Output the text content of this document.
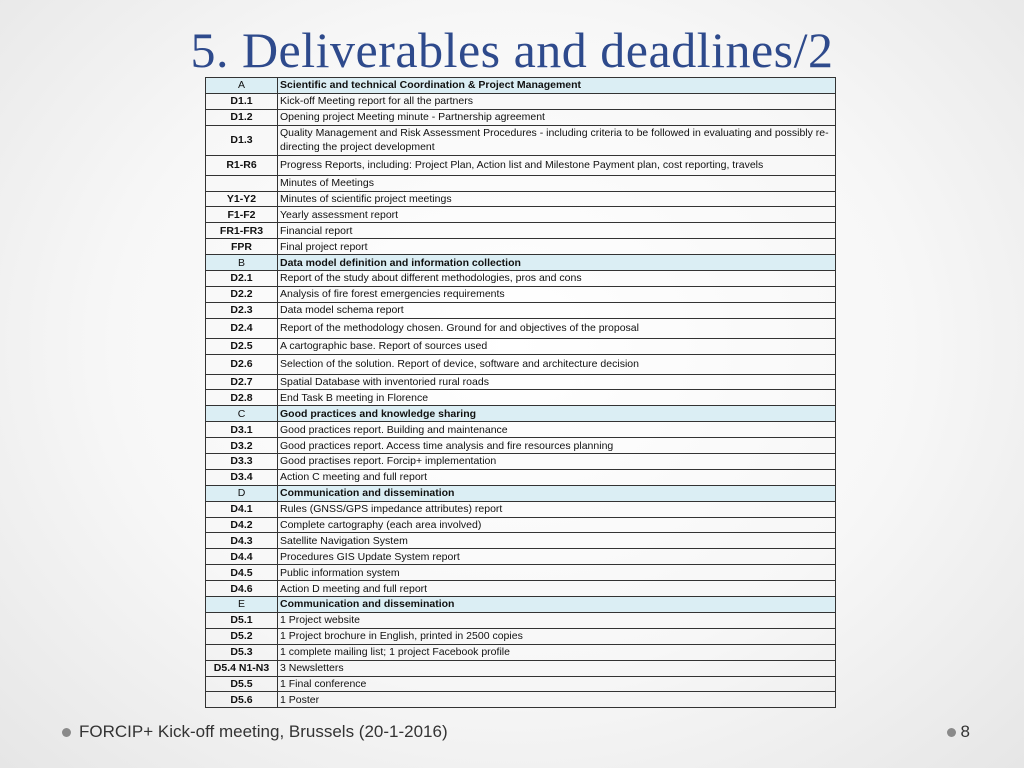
5. Deliverables and deadlines/2
A	Scientific and technical Coordination & Project Management
D1.1	Kick-off Meeting report for all the partners
D1.2	Opening project Meeting minute - Partnership agreement
D1.3	Quality Management and Risk Assessment Procedures - including criteria to be followed in evaluating and possibly re-directing the project development
R1-R6	Progress Reports, including: Project Plan, Action list and Milestone Payment plan, cost reporting, travels
	Minutes of Meetings
Y1-Y2	Minutes of scientific project meetings
F1-F2	Yearly assessment report
FR1-FR3	Financial report
FPR	Final project report
B	Data model definition and information collection
D2.1	Report of the study about different methodologies, pros and cons
D2.2	Analysis of fire forest emergencies requirements
D2.3	Data model schema report
D2.4	Report of the methodology chosen. Ground for and objectives of the proposal
D2.5	A cartographic base. Report of sources used
D2.6	Selection of the solution. Report of device, software and architecture decision
D2.7	Spatial Database with inventoried rural roads
D2.8	End Task B meeting in Florence
C	Good practices and knowledge sharing
D3.1	Good practices report. Building and maintenance
D3.2	Good practices report. Access time analysis and fire resources planning
D3.3	Good practises report. Forcip+ implementation
D3.4	Action C meeting and full report
D	Communication and dissemination
D4.1	Rules (GNSS/GPS impedance attributes) report
D4.2	Complete cartography (each area involved)
D4.3	Satellite Navigation System
D4.4	Procedures GIS Update System report
D4.5	Public information system
D4.6	Action D meeting and full report
E	Communication and dissemination
D5.1	1 Project website
D5.2	1 Project brochure in English, printed in 2500 copies
D5.3	1 complete mailing list; 1 project Facebook profile
D5.4 N1-N3	3 Newsletters
D5.5	1 Final conference
D5.6	1 Poster
FORCIP+ Kick-off meeting, Brussels (20-1-2016)	8
